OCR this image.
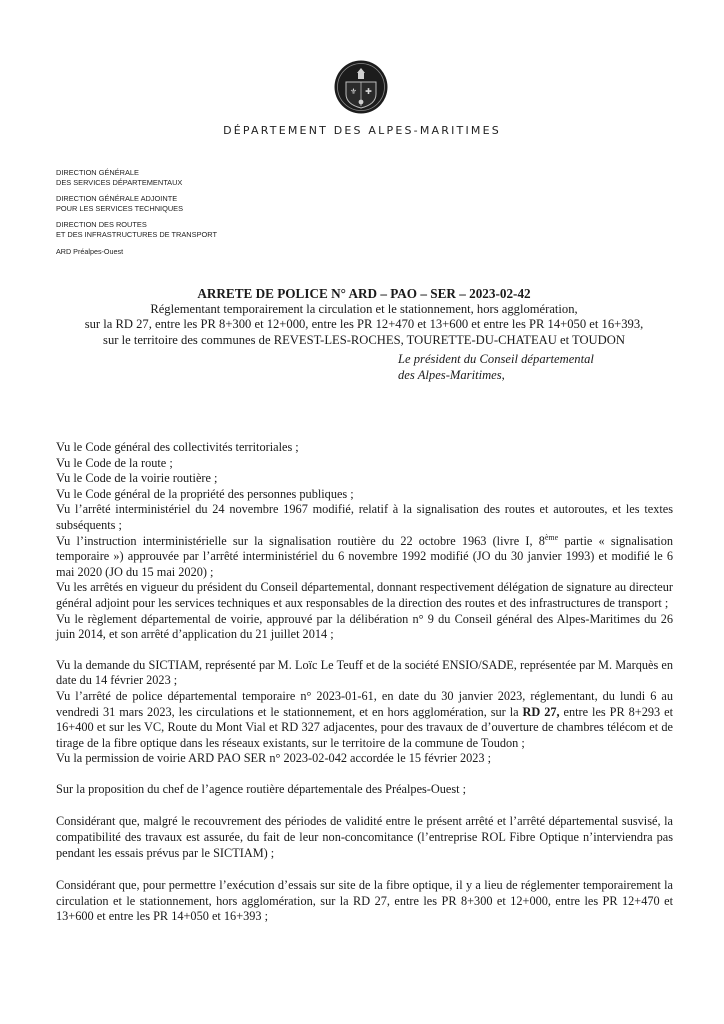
⚜ ✚
DÉPARTEMENT DES ALPES-MARITIMES
DIRECTION GÉNÉRALE
DES SERVICES DÉPARTEMENTAUX
DIRECTION GÉNÉRALE ADJOINTE
POUR LES SERVICES TECHNIQUES
DIRECTION DES ROUTES
ET DES INFRASTRUCTURES DE TRANSPORT
ARD Préalpes-Ouest
ARRETE DE POLICE N° ARD – PAO – SER – 2023-02-42
Réglementant temporairement la circulation et le stationnement, hors agglomération,
sur la RD 27, entre les PR 8+300 et 12+000, entre les PR 12+470 et 13+600 et entre les PR 14+050 et 16+393,
sur le territoire des communes de REVEST-LES-ROCHES, TOURETTE-DU-CHATEAU et TOUDON
Le président du Conseil départemental
des Alpes-Maritimes,

Vu le Code général des collectivités territoriales ;

Vu le Code de la route ;

Vu le Code de la voirie routière ;

Vu le Code général de la propriété des personnes publiques ;

Vu l’arrêté interministériel du 24 novembre 1967 modifié, relatif à la signalisation des routes et autoroutes, et les textes subséquents ;

Vu l’instruction interministérielle sur la signalisation routière du 22 octobre 1963 (livre I, 8ème partie « signalisation temporaire ») approuvée par l’arrêté interministériel du 6 novembre 1992 modifié (JO du 30 janvier 1993) et modifié le 6 mai 2020 (JO du 15 mai 2020) ;

Vu les arrêtés en vigueur du président du Conseil départemental, donnant respectivement délégation de signature au directeur général adjoint pour les services techniques et aux responsables de la direction des routes et des infrastructures de transport ;

Vu le règlement départemental de voirie, approuvé par la délibération n° 9 du Conseil général des Alpes-Maritimes du 26 juin 2014, et son arrêté d’application du 21 juillet 2014 ;

Vu la demande du SICTIAM, représenté par M. Loïc Le Teuff et de la société ENSIO/SADE, représentée par M. Marquès en date du 14 février 2023 ;

Vu l’arrêté de police départemental temporaire n° 2023-01-61, en date du 30 janvier 2023, réglementant, du lundi 6 au vendredi 31 mars 2023, les circulations et le stationnement, et en hors agglomération, sur la RD 27, entre les PR 8+293 et 16+400 et sur les VC, Route du Mont Vial et RD 327 adjacentes, pour des travaux de d’ouverture de chambres télécom et de tirage de la fibre optique dans les réseaux existants, sur le territoire de la commune de Toudon ;

Vu la permission de voirie ARD PAO SER n° 2023-02-042 accordée le 15 février 2023 ;

Sur la proposition du chef de l’agence routière départementale des Préalpes-Ouest ;

Considérant que, malgré le recouvrement des périodes de validité entre le présent arrêté et l’arrêté départemental susvisé, la compatibilité des travaux est assurée, du fait de leur non-concomitance (l’entreprise ROL Fibre Optique n’interviendra pas pendant les essais prévus par le SICTIAM) ;

Considérant que, pour permettre l’exécution d’essais sur site de la fibre optique, il y a lieu de réglementer temporairement la circulation et le stationnement, hors agglomération, sur la RD 27, entre les PR 8+300 et 12+000, entre les PR 12+470 et 13+600 et entre les PR 14+050 et 16+393 ;
